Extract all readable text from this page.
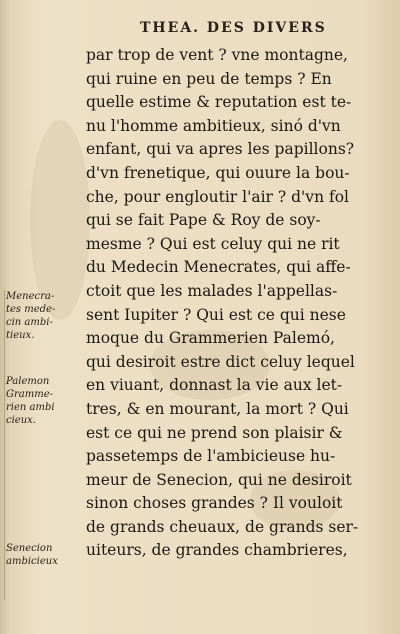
THEA. DES DIVERS
par trop de vent ? vne montagne,
qui ruine en peu de temps ? En
quelle estime & reputation est te-
nu l'homme ambitieux, sinó d'vn
enfant, qui va apres les papillons?
d'vn frenetique, qui ouure la bou-
che, pour engloutir l'air ? d'vn fol
qui se fait Pape & Roy de soy-
mesme ? Qui est celuy qui ne rit
du Medecin Menecrates, qui affe-
ctoit que les malades l'appellas-
sent Iupiter ? Qui est ce qui nese
moque du Grammerien Palemó,
qui desiroit estre dict celuy lequel
en viuant, donnast la vie aux let-
tres, & en mourant, la mort ? Qui
est ce qui ne prend son plaisir &
passetemps de l'ambicieuse hu-
meur de Senecion, qui ne desiroit
sinon choses grandes ? Il vouloit
de grands cheuaux, de grands ser-
uiteurs, de grandes chambrieres,
Menecra-
tes mede-
cin ambi-
tieux.
Palemon
Gramme-
rien ambi
cieux.
Senecion
ambicieux
